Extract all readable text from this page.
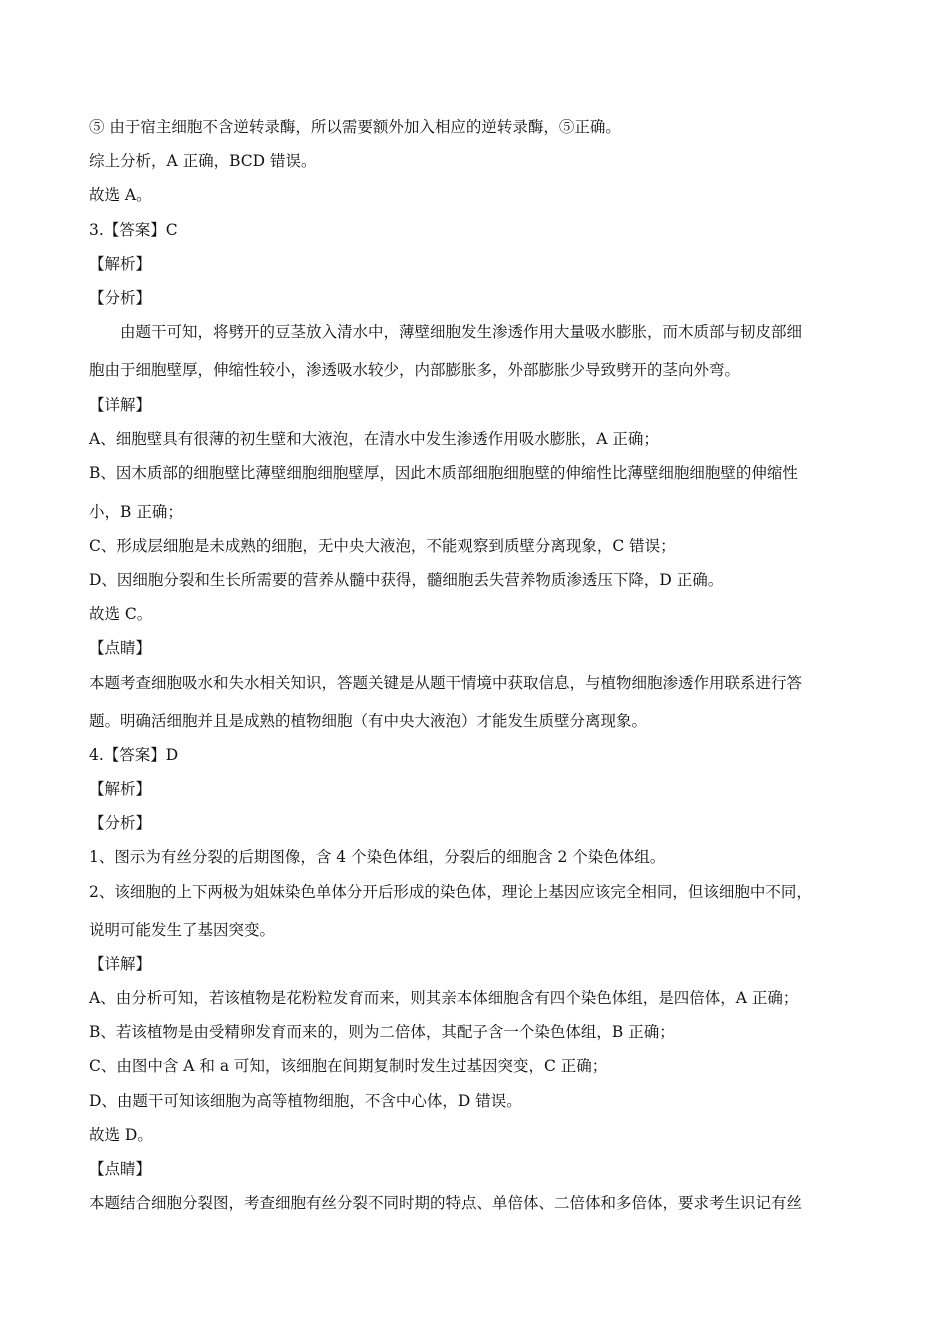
⑤ 由于宿主细胞不含逆转录酶，所以需要额外加入相应的逆转录酶，⑤正确。
综上分析，A 正确，BCD 错误。
故选 A。
3.【答案】C
【解析】
【分析】
由题干可知，将劈开的豆茎放入清水中，薄壁细胞发生渗透作用大量吸水膨胀，而木质部与韧皮部细
胞由于细胞壁厚，伸缩性较小，渗透吸水较少，内部膨胀多，外部膨胀少导致劈开的茎向外弯。
【详解】
A、细胞壁具有很薄的初生壁和大液泡，在清水中发生渗透作用吸水膨胀，A 正确；
B、因木质部的细胞壁比薄壁细胞细胞壁厚，因此木质部细胞细胞壁的伸缩性比薄壁细胞细胞壁的伸缩性
小，B 正确；
C、形成层细胞是未成熟的细胞，无中央大液泡，不能观察到质壁分离现象，C 错误；
D、因细胞分裂和生长所需要的营养从髓中获得，髓细胞丢失营养物质渗透压下降，D 正确。
故选 C。
【点睛】
本题考查细胞吸水和失水相关知识，答题关键是从题干情境中获取信息，与植物细胞渗透作用联系进行答
题。明确活细胞并且是成熟的植物细胞（有中央大液泡）才能发生质壁分离现象。
4.【答案】D
【解析】
【分析】
1、图示为有丝分裂的后期图像，含 4 个染色体组，分裂后的细胞含 2 个染色体组。
2、该细胞的上下两极为姐妹染色单体分开后形成的染色体，理论上基因应该完全相同，但该细胞中不同，
说明可能发生了基因突变。
【详解】
A、由分析可知，若该植物是花粉粒发育而来，则其亲本体细胞含有四个染色体组，是四倍体，A 正确；
B、若该植物是由受精卵发育而来的，则为二倍体，其配子含一个染色体组，B 正确；
C、由图中含 A 和 a 可知，该细胞在间期复制时发生过基因突变，C 正确；
D、由题干可知该细胞为高等植物细胞，不含中心体，D 错误。
故选 D。
【点睛】
本题结合细胞分裂图，考查细胞有丝分裂不同时期的特点、单倍体、二倍体和多倍体，要求考生识记有丝
